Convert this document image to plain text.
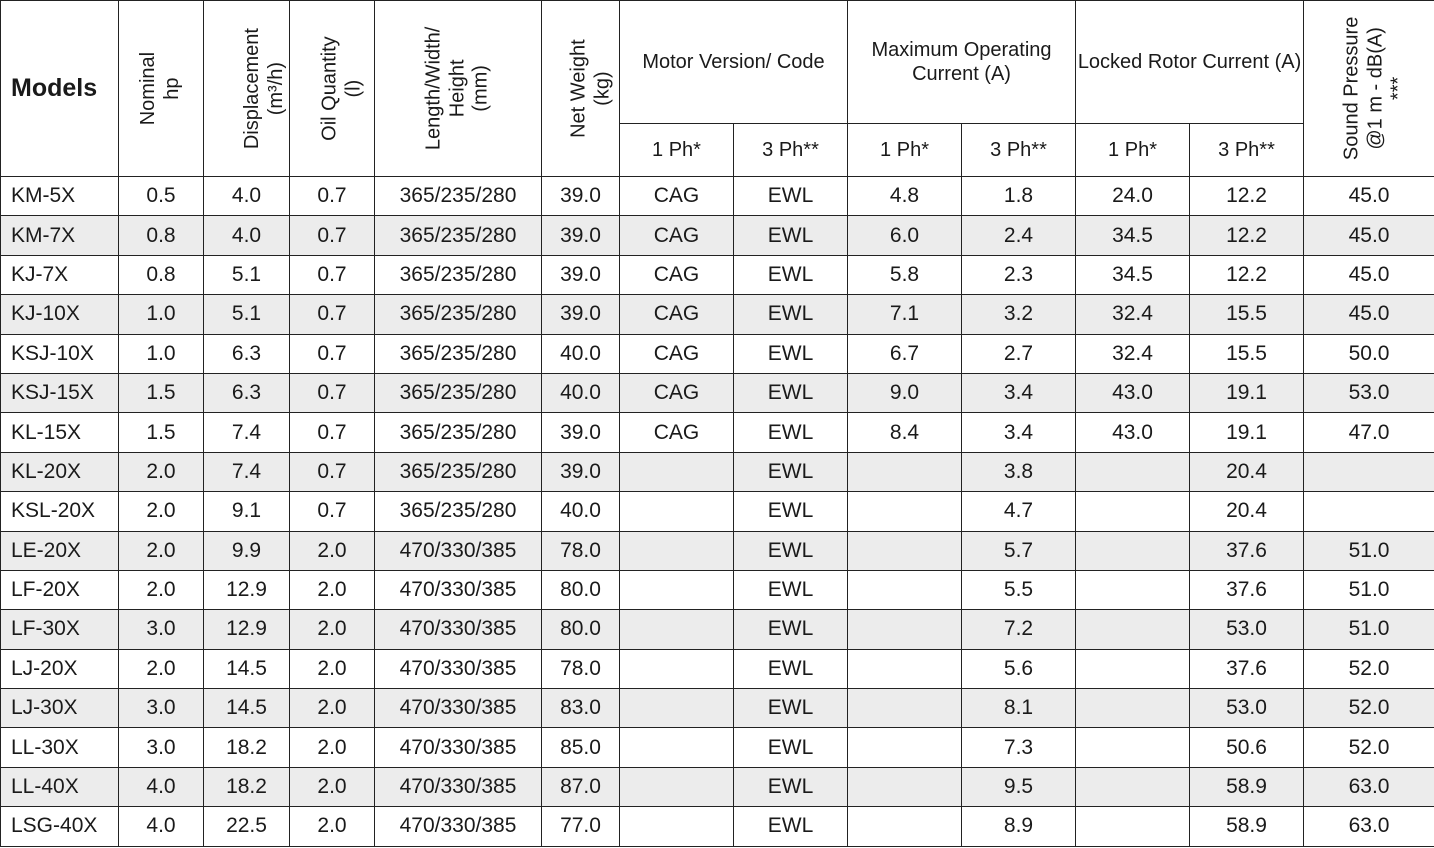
Models	Nominal hp	Displacement (m³/h)	Oil Quantity (l)	Length/Width/ Height (mm)	Net Weight (kg)	Motor Version/ Code		Maximum Operating Current (A)		Locked Rotor Current (A)		Sound Pressure @1 m - dB(A) ***

						1 Ph*	3 Ph**	1 Ph*	3 Ph**	1 Ph*	3 Ph**	
KM-5X	0.5	4.0	0.7	365/235/280	39.0	CAG	EWL	4.8	1.8	24.0	12.2	45.0
KM-7X	0.8	4.0	0.7	365/235/280	39.0	CAG	EWL	6.0	2.4	34.5	12.2	45.0
KJ-7X	0.8	5.1	0.7	365/235/280	39.0	CAG	EWL	5.8	2.3	34.5	12.2	45.0
KJ-10X	1.0	5.1	0.7	365/235/280	39.0	CAG	EWL	7.1	3.2	32.4	15.5	45.0
KSJ-10X	1.0	6.3	0.7	365/235/280	40.0	CAG	EWL	6.7	2.7	32.4	15.5	50.0
KSJ-15X	1.5	6.3	0.7	365/235/280	40.0	CAG	EWL	9.0	3.4	43.0	19.1	53.0
KL-15X	1.5	7.4	0.7	365/235/280	39.0	CAG	EWL	8.4	3.4	43.0	19.1	47.0
KL-20X	2.0	7.4	0.7	365/235/280	39.0		EWL		3.8		20.4	
KSL-20X	2.0	9.1	0.7	365/235/280	40.0		EWL		4.7		20.4	
LE-20X	2.0	9.9	2.0	470/330/385	78.0		EWL		5.7		37.6	51.0
LF-20X	2.0	12.9	2.0	470/330/385	80.0		EWL		5.5		37.6	51.0
LF-30X	3.0	12.9	2.0	470/330/385	80.0		EWL		7.2		53.0	51.0
LJ-20X	2.0	14.5	2.0	470/330/385	78.0		EWL		5.6		37.6	52.0
LJ-30X	3.0	14.5	2.0	470/330/385	83.0		EWL		8.1		53.0	52.0
LL-30X	3.0	18.2	2.0	470/330/385	85.0		EWL		7.3		50.6	52.0
LL-40X	4.0	18.2	2.0	470/330/385	87.0		EWL		9.5		58.9	63.0
LSG-40X	4.0	22.5	2.0	470/330/385	77.0		EWL		8.9		58.9	63.0
